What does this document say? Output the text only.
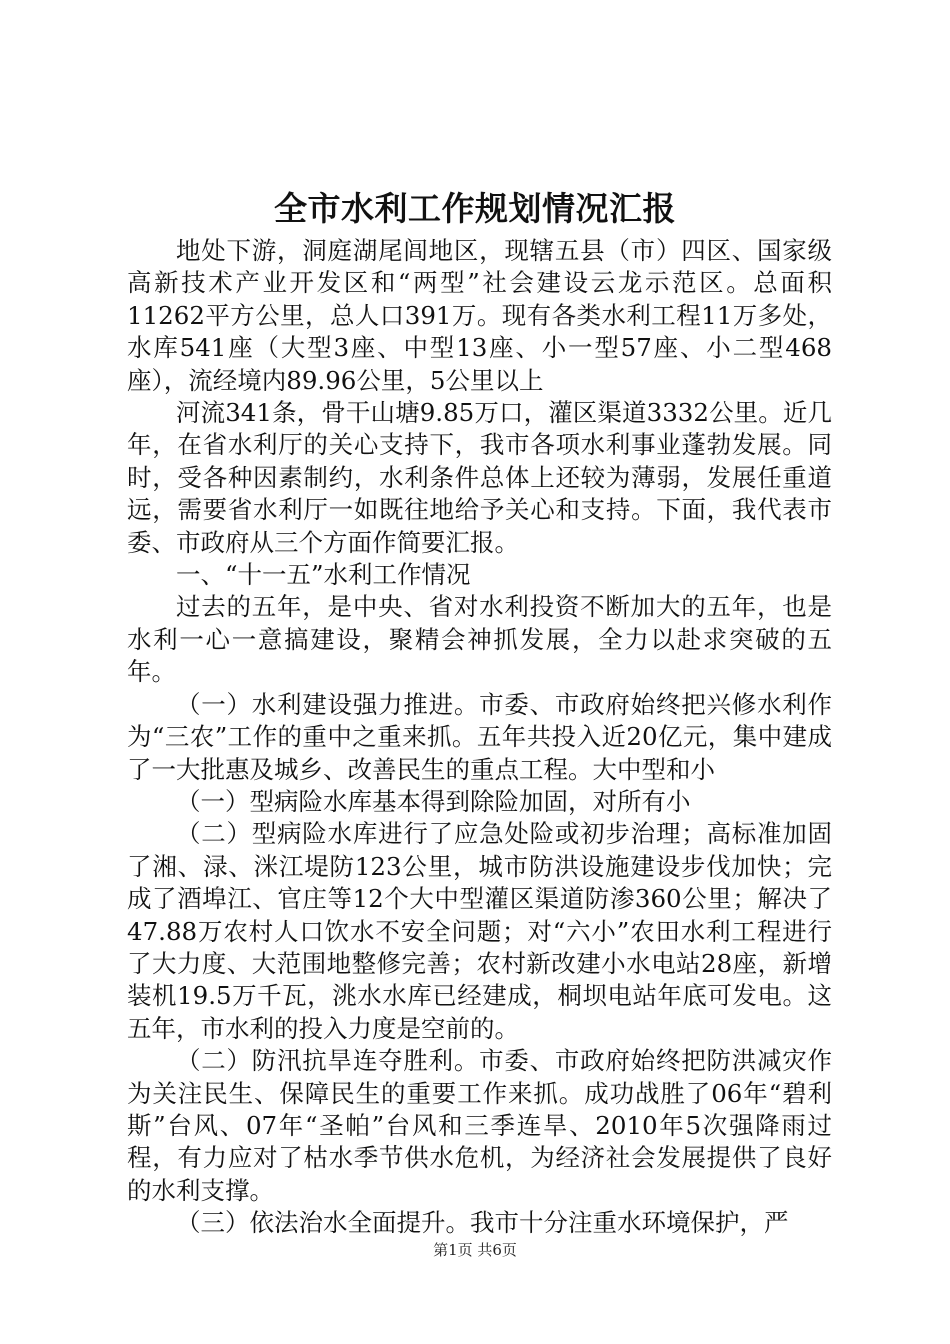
全市水利工作规划情况汇报

地处下游，洞庭湖尾闾地区，现辖五县（市）四区、国家级高新技术产业开发区和“两型”社会建设云龙示范区。总面积11262平方公里，总人口391万。现有各类水利工程11万多处，水库541座（大型3座、中型13座、小一型57座、小二型468座），流经境内89.96公里，5公里以上

河流341条，骨干山塘9.85万口，灌区渠道3332公里。近几年，在省水利厅的关心支持下，我市各项水利事业蓬勃发展。同时，受各种因素制约，水利条件总体上还较为薄弱，发展任重道远，需要省水利厅一如既往地给予关心和支持。下面，我代表市委、市政府从三个方面作简要汇报。

一、“十一五”水利工作情况

过去的五年，是中央、省对水利投资不断加大的五年，也是水利一心一意搞建设，聚精会神抓发展，全力以赴求突破的五年。

（一）水利建设强力推进。市委、市政府始终把兴修水利作为“三农”工作的重中之重来抓。五年共投入近20亿元，集中建成了一大批惠及城乡、改善民生的重点工程。大中型和小

（一）型病险水库基本得到除险加固，对所有小

（二）型病险水库进行了应急处险或初步治理；高标准加固了湘、渌、洣江堤防123公里，城市防洪设施建设步伐加快；完成了酒埠江、官庄等12个大中型灌区渠道防渗360公里；解决了47.88万农村人口饮水不安全问题；对“六小”农田水利工程进行了大力度、大范围地整修完善；农村新改建小水电站28座，新增装机19.5万千瓦，洮水水库已经建成，桐坝电站年底可发电。这五年，市水利的投入力度是空前的。

（二）防汛抗旱连夺胜利。市委、市政府始终把防洪减灾作为关注民生、保障民生的重要工作来抓。成功战胜了06年“碧利斯”台风、07年“圣帕”台风和三季连旱、2010年5次强降雨过程，有力应对了枯水季节供水危机，为经济社会发展提供了良好的水利支撑。

（三）依法治水全面提升。我市十分注重水环境保护，严

第1页 共6页
